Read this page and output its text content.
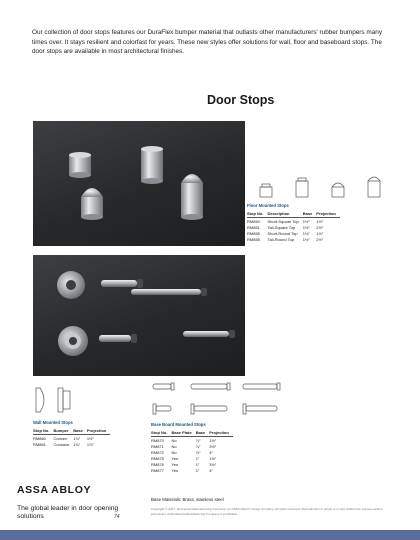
Our collection of door stops features our DuraFlex bumper material that outlasts other manufacturers' rubber bumpers many times over. It stays resilient and colorfast for years. These new styles offer solutions for wall, floor and baseboard stops. The door stops are available in most architectural finishes.
Door Stops
Floor Mounted Stops
Stop No.	Description	Base	Projection
RM850	Short-Square Top	1½″	1½″
RM851	Tall-Square Top	1½″	2½″
RM855	Short-Round Top	1½″	1½″
RM856	Tall-Round Top	1½″	2½″
Wall Mounted Stops
Stop No.	Bumper	Base	Projection
RM860	Convex	1¾″	1½″
RM861	Concave	1¾″	1⅞″
Base Board Mounted Stops
Stop No.	Base Plate	Base	Projection
RM870	No	⅞″	1½″
RM871	No	⅞″	3½″
RM872	No	⅞″	4″
RM875	Yes	1″	1½″
RM876	Yes	1″	3½″
RM877	Yes	1″	4″
ASSA ABLOY
The global leader in door opening solutions	74
Base Materials: Brass, stainless steel
Copyright © 2017, Rockwood Manufacturing Company, an ASSA ABLOY Group company. All rights reserved. Reproduction in whole or in part without the express written permission of Rockwood Manufacturing Company is prohibited.
